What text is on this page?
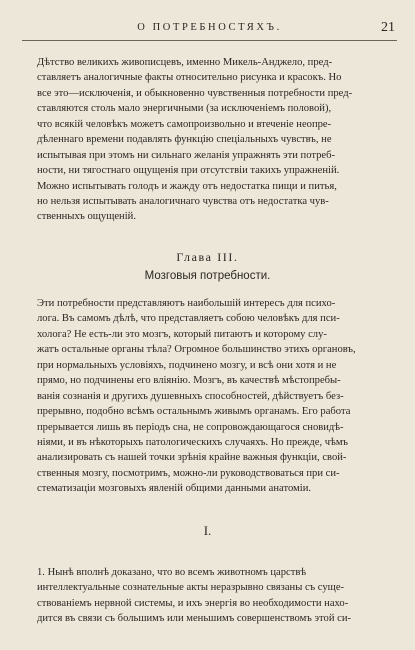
О ПОТРЕБНОСТЯХЪ.	21

Дѣтство великихъ живописцевъ, именно Микель-Анджело, пред-
ставляетъ аналогичные факты относительно рисунка и красокъ. Но
все это—исключенія, и обыкновенно чувственныя потребности пред-
ставляются столь мало энергичными (за исключеніемъ половой),
что всякій человѣкъ можетъ самопроизвольно и втеченіе неопре-
дѣленнаго времени подавлять функцію спеціальныхъ чувствъ, не
испытывая при этомъ ни сильнаго желанія упражнять эти потреб-
ности, ни тягостнаго ощущенія при отсутствіи такихъ упражненій.
Можно испытывать голодъ и жажду отъ недостатка пищи и питья,
но нельзя испытывать аналогичнаго чувства отъ недостатка чув-
ственныхъ ощущеній.

Глава III.
Мозговыя потребности.

Эти потребности представляютъ наибольшій интересъ для психо-
лога. Въ самомъ дѣлѣ, что представляетъ собою человѣкъ для пси-
холога? Не есть-ли это мозгъ, который питаютъ и которому слу-
жатъ остальные органы тѣла? Огромное большинство этихъ органовъ,
при нормальныхъ условіяхъ, подчинено мозгу, и всѣ они хотя и не
прямо, но подчинены его вліянію. Мозгъ, въ качествѣ мѣстопребы-
ванія сознанія и другихъ душевныхъ способностей, дѣйствуетъ без-
прерывно, подобно всѣмъ остальнымъ живымъ органамъ. Его работа
прерывается лишь въ періодъ сна, не сопровождающагося сновидѣ-
ніями, и въ нѣкоторыхъ патологическихъ случаяхъ. Но прежде, чѣмъ
анализировать съ нашей точки зрѣнія крайне важныя функціи, свой-
ственныя мозгу, посмотримъ, можно-ли руководствоваться при си-
стематизаціи мозговыхъ явленій общими данными анатоміи.

I.

1. Нынѣ вполнѣ доказано, что во всемъ животномъ царствѣ
интеллектуальные сознательные акты неразрывно связаны съ суще-
ствованіемъ нервной системы, и ихъ энергія во необходимости нахо-
дится въ связи съ большимъ или меньшимъ совершенствомъ этой си-
